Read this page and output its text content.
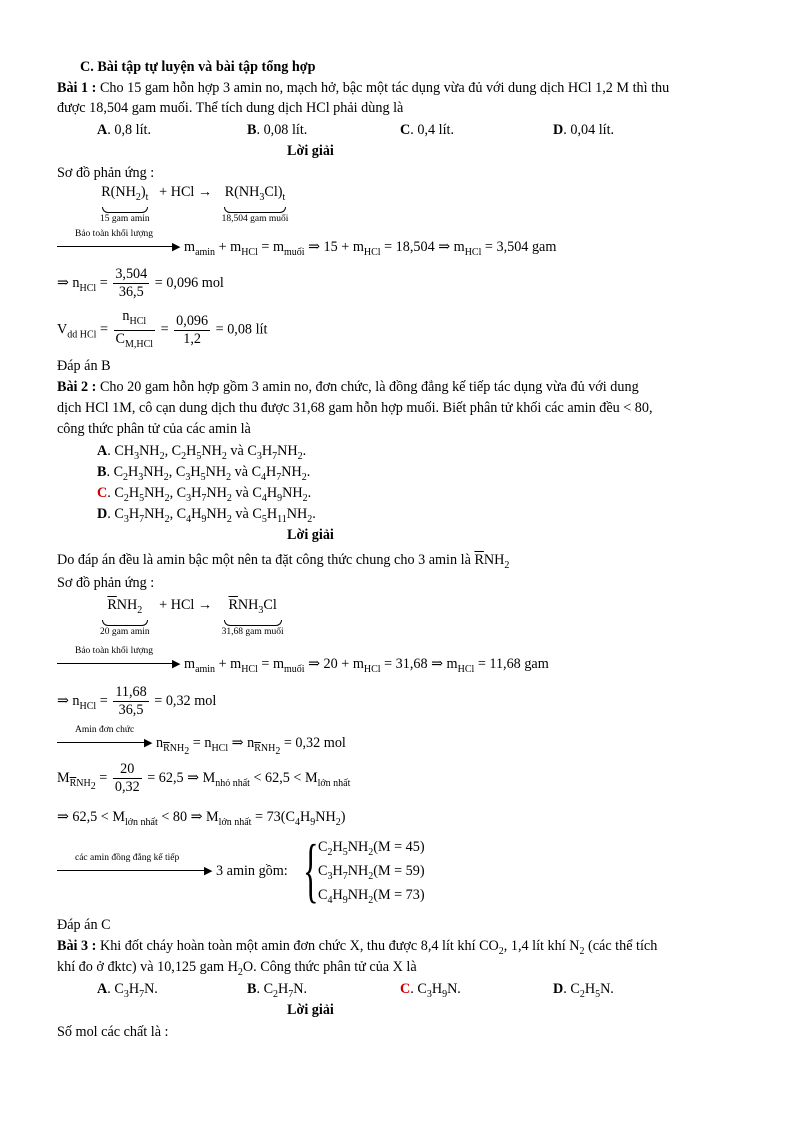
C. Bài tập tự luyện và bài tập tổng hợp
Bài 1 : Cho 15 gam hỗn hợp 3 amin no, mạch hở, bậc một tác dụng vừa đủ với dung dịch HCl 1,2 M thì thu
được 18,504 gam muối. Thể tích dung dịch HCl phải dùng là
A. 0,8 lít.	B. 0,08 lít.	C. 0,4 lít.	D. 0,04 lít.
Lời giải
Sơ đồ phản ứng :
$R(NH_2)_t$
15 gam amin
+ HCl → $R(NH_3Cl)_t$
18,504 gam muối
Bảo toàn khối lượng
▶ $m_{amin} + m_{HCl} = m_{muối}$ ⇒ $15 + m_{HCl} = 18,504$ ⇒ $m_{HCl} = 3,504$ gam
⇒ $n_{HCl} = \frac{3,504}{36,5} = 0,096$ mol
$V_{dd HCl} = \frac{n_{HCl}}{C_{M,HCl}} = \frac{0,096}{1,2} = 0,08$ lít
Đáp án B
Bài 2 : Cho 20 gam hỗn hợp gồm 3 amin no, đơn chức, là đồng đẳng kế tiếp tác dụng vừa đủ với dung
dịch HCl 1M, cô cạn dung dịch thu được 31,68 gam hỗn hợp muối. Biết phân tử khối các amin đều < 80,
công thức phân tử của các amin là
A. $CH_3NH_2$, $C_2H_5NH_2$ và $C_3H_7NH_2$.
B. $C_2H_3NH_2$, $C_3H_5NH_2$ và $C_4H_7NH_2$.
C. $C_2H_5NH_2$, $C_3H_7NH_2$ và $C_4H_9NH_2$.
D. $C_3H_7NH_2$, $C_4H_9NH_2$ và $C_5H_{11}NH_2$.
Lời giải
Do đáp án đều là amin bậc một nên ta đặt công thức chung cho 3 amin là $\overline{R}NH_2$
Sơ đồ phản ứng :
$\overline{R}NH_2$
20 gam amin
+ HCl →	$\overline{R}NH_3Cl$
31,68 gam muối
Bảo toàn khối lượng
▶ $m_{amin} + m_{HCl} = m_{muối}$ ⇒ $20 + m_{HCl} = 31,68$ ⇒ $m_{HCl} = 11,68$ gam
⇒ $n_{HCl} = \frac{11,68}{36,5} = 0,32$ mol
Amin đơn chức
▶ $n_{\overline{R}NH_2} = n_{HCl}$ ⇒ $n_{\overline{R}NH_2} = 0,32$ mol
$M_{\overline{R}NH_2} = \frac{20}{0,32} = 62,5$ ⇒ $M_{nhỏ nhất} < 62,5 < M_{lớn nhất}$
⇒ $62,5 < M_{lớn nhất} < 80$ ⇒ $M_{lớn nhất} = 73(C_4H_9NH_2)$
các amin đồng đẳng kế tiếp
▶ 3 amin gồm: { $C_2H_5NH_2(M = 45)$
$C_3H_7NH_2(M = 59)$
$C_4H_9NH_2(M = 73)$
Đáp án C
Bài 3 : Khi đốt cháy hoàn toàn một amin đơn chức X, thu được 8,4 lít khí $CO_2$, 1,4 lít khí $N_2$ (các thể tích
khí đo ở đktc) và 10,125 gam $H_2O$. Công thức phân tử của X là
A. $C_3H_7N$.	B. $C_2H_7N$.	C. $C_3H_9N$.	D. $C_2H_5N$.
Lời giải
Số mol các chất là :
